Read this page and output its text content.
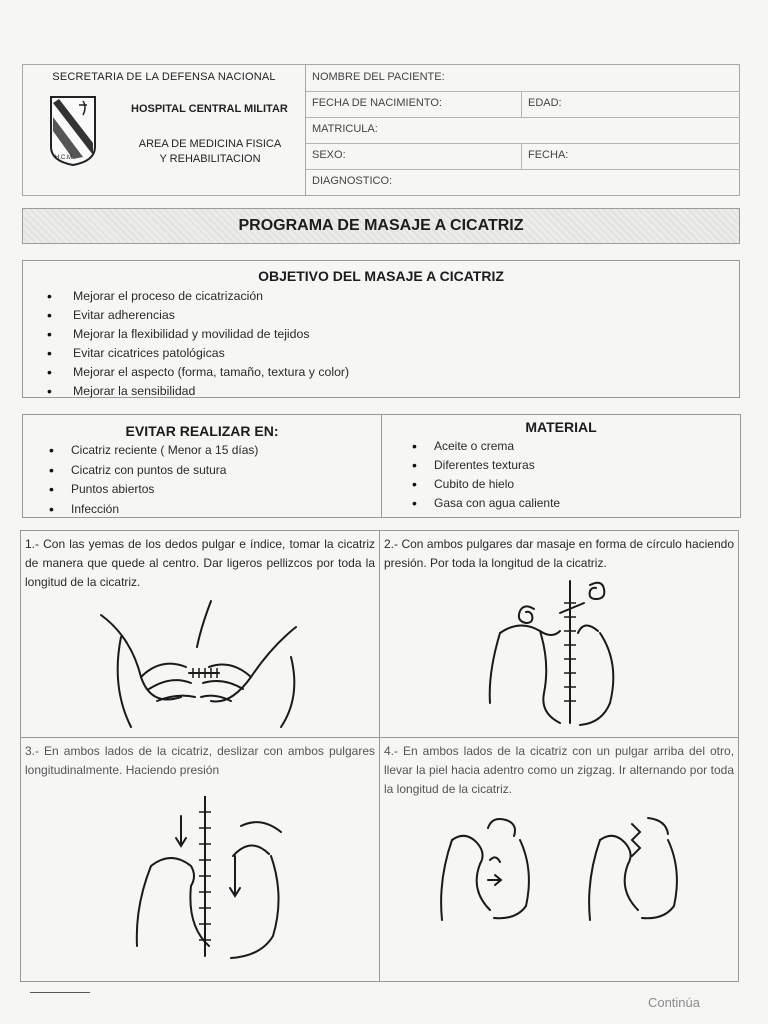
SECRETARIA DE LA DEFENSA NACIONAL
H.C.M.
HOSPITAL CENTRAL MILITAR
AREA DE MEDICINA FISICA
Y REHABILITACION
NOMBRE DEL PACIENTE:
FECHA DE NACIMIENTO:	EDAD:
MATRICULA:
SEXO:	FECHA:
DIAGNOSTICO:
PROGRAMA DE MASAJE A CICATRIZ
OBJETIVO DEL MASAJE A CICATRIZ
• Mejorar el proceso de cicatrización
• Evitar adherencias
• Mejorar la flexibilidad y movilidad de tejidos
• Evitar cicatrices patológicas
• Mejorar el aspecto (forma, tamaño, textura y color)
• Mejorar la sensibilidad
EVITAR REALIZAR EN:
• Cicatriz reciente ( Menor a 15 días)
• Cicatriz con puntos de sutura
• Puntos abiertos
• Infección
MATERIAL
• Aceite o crema
• Diferentes texturas
• Cubito de hielo
• Gasa con agua caliente

1.- Con las yemas de los dedos pulgar e índice, tomar la cicatriz de manera que quede al centro. Dar ligeros pellizcos por toda la longitud de la cicatriz.

2.- Con ambos pulgares dar masaje en forma de círculo haciendo presión. Por toda la longitud de la cicatriz.

3.- En ambos lados de la cicatriz, deslizar con ambos pulgares longitudinalmente. Haciendo presión

4.- En ambos lados de la cicatriz con un pulgar arriba del otro, llevar la piel hacia adentro como un zigzag. Ir alternando por toda la longitud de la cicatriz.

Continúa
